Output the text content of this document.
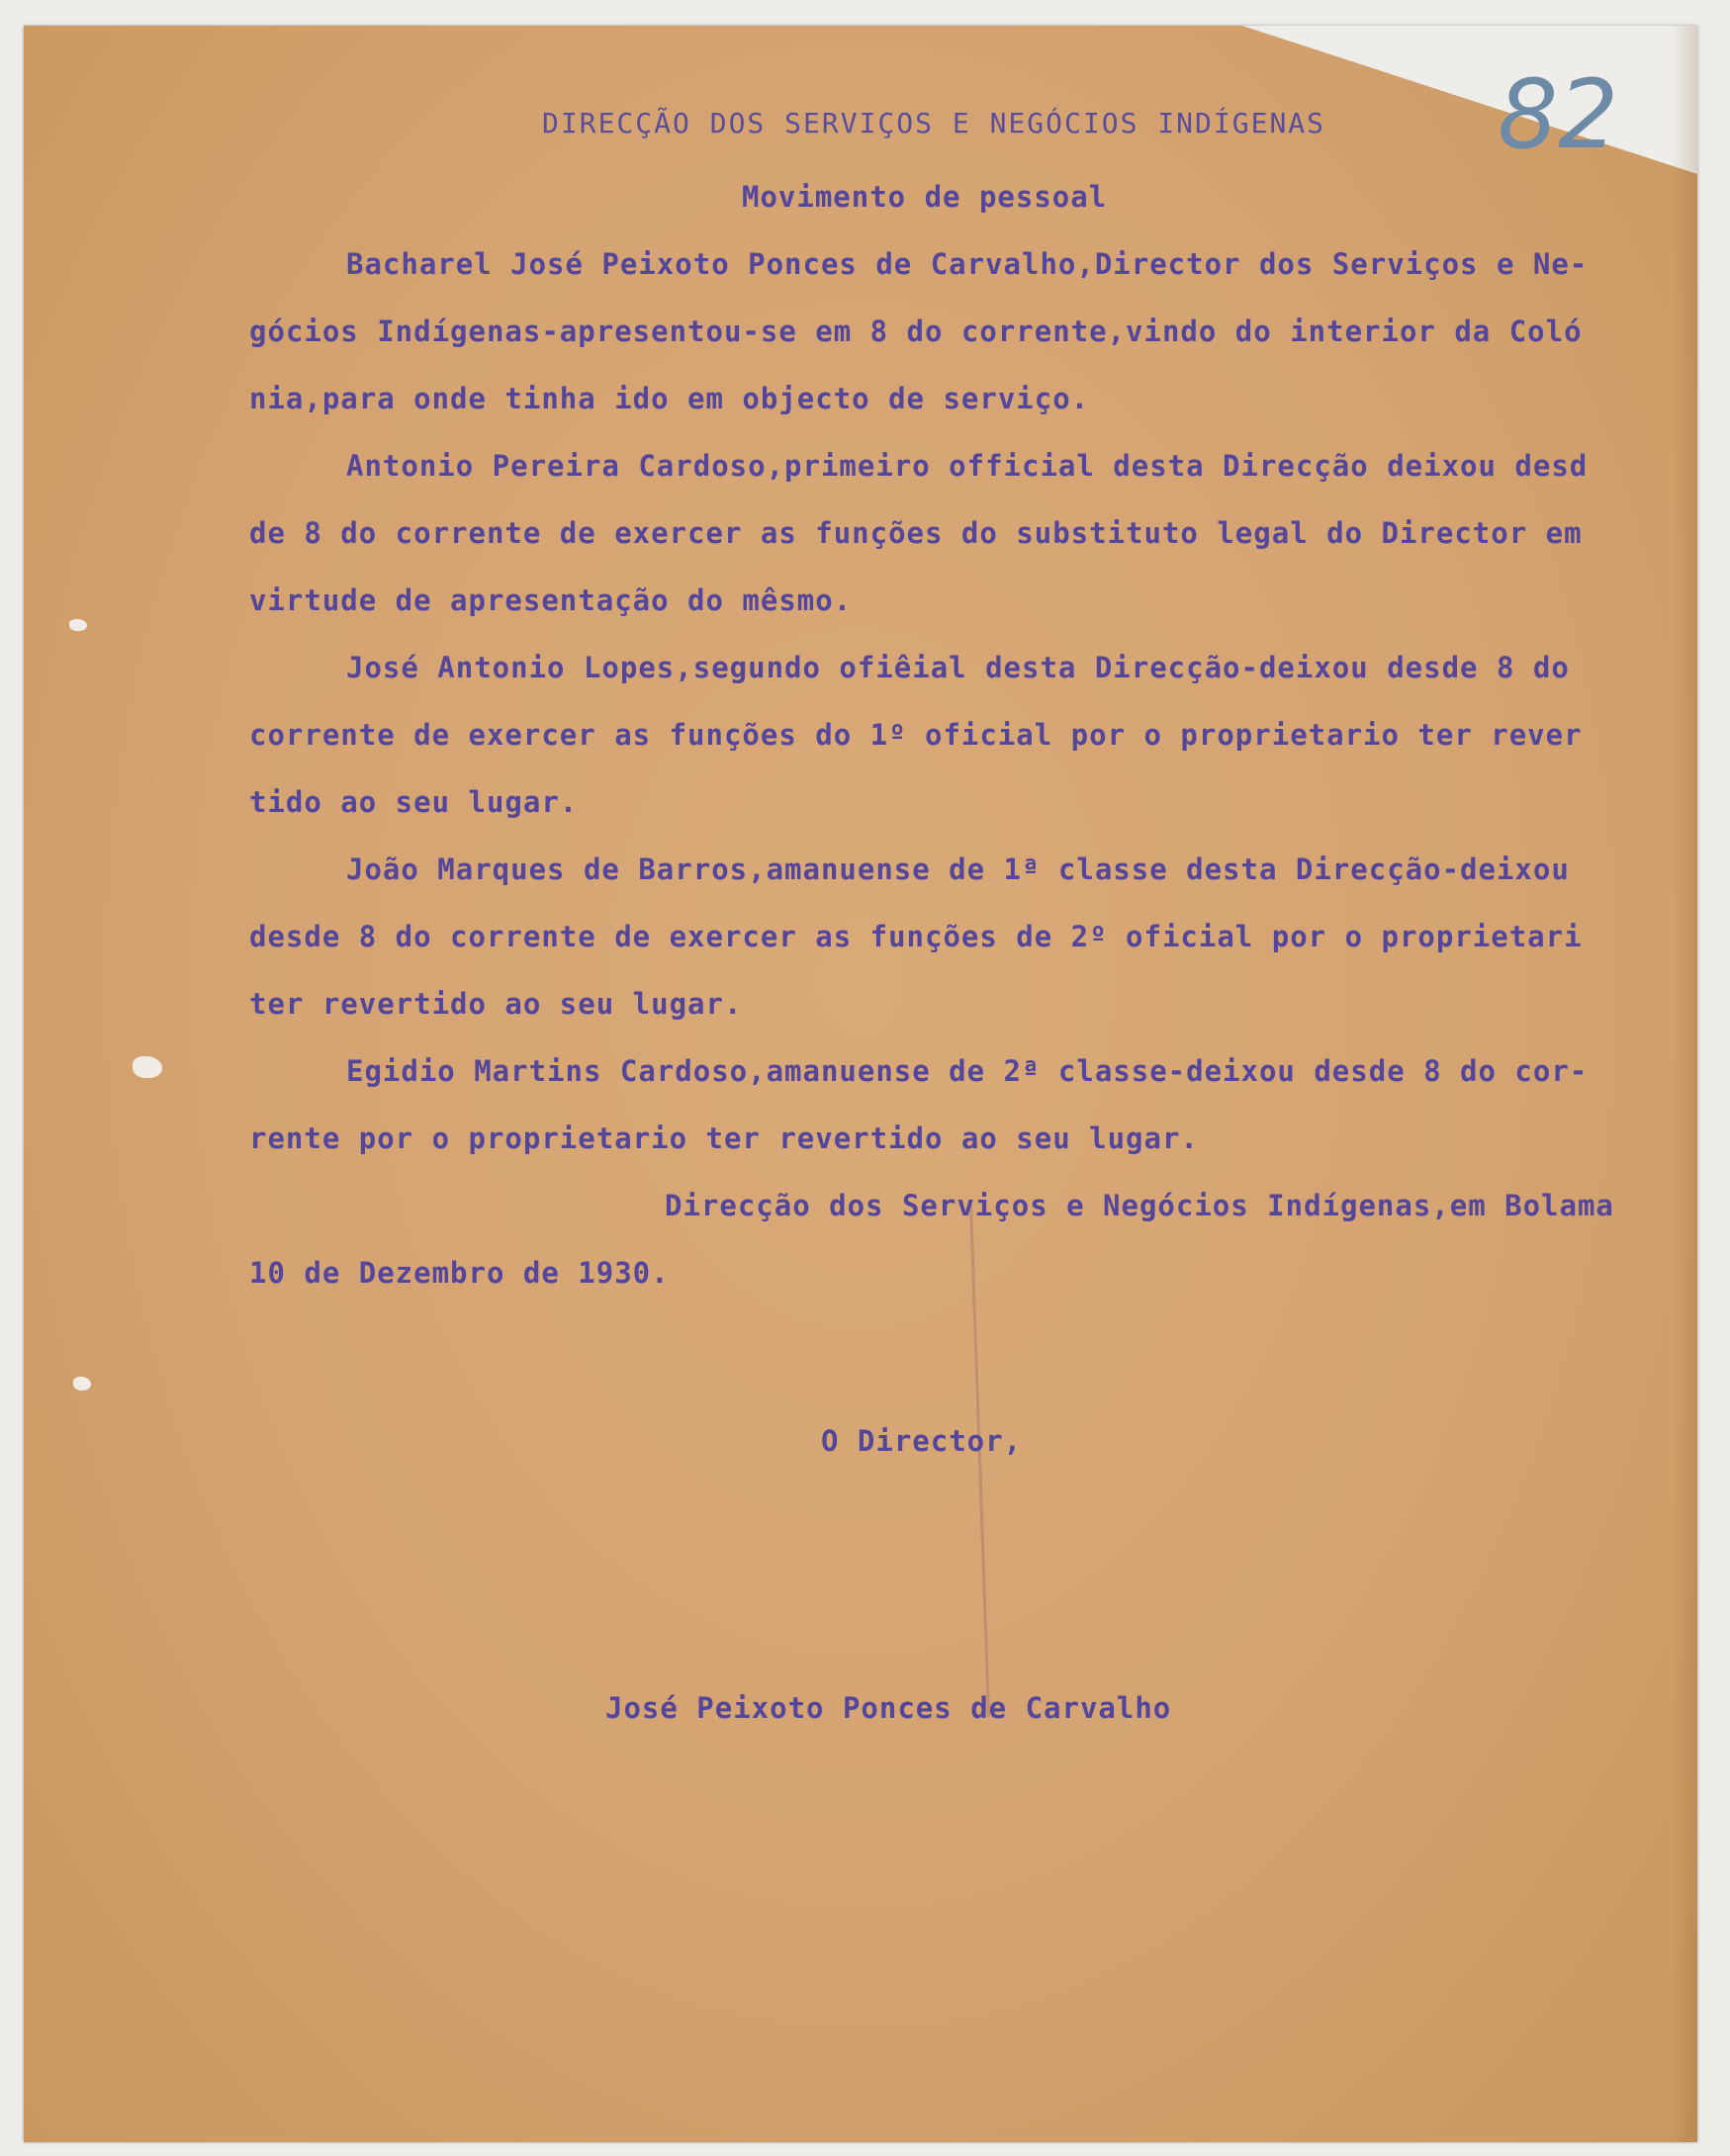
82
DIRECÇÃO DOS SERVIÇOS E NEGÓCIOS INDÍGENAS
Movimento de pessoal
Bacharel José Peixoto Ponces de Carvalho,Director dos Serviços e Ne-
gócios Indígenas-apresentou-se em 8 do corrente,vindo do interior da Coló
nia,para onde tinha ido em objecto de serviço.
Antonio Pereira Cardoso,primeiro official desta Direcção deixou desd
de 8 do corrente de exercer as funções do substituto legal do Director em
virtude de apresentação do mêsmo.
José Antonio Lopes,segundo ofiêial desta Direcção-deixou desde 8 do
corrente de exercer as funções do 1º oficial por o proprietario ter rever
tido ao seu lugar.
João Marques de Barros,amanuense de 1ª classe desta Direcção-deixou
desde 8 do corrente de exercer as funções de 2º oficial por o proprietari
ter revertido ao seu lugar.
Egidio Martins Cardoso,amanuense de 2ª classe-deixou desde 8 do cor-
rente por o proprietario ter revertido ao seu lugar.
Direcção dos Serviços e Negócios Indígenas,em Bolama
10 de Dezembro de 1930.
O Director,
José Peixoto Ponces de Carvalho
